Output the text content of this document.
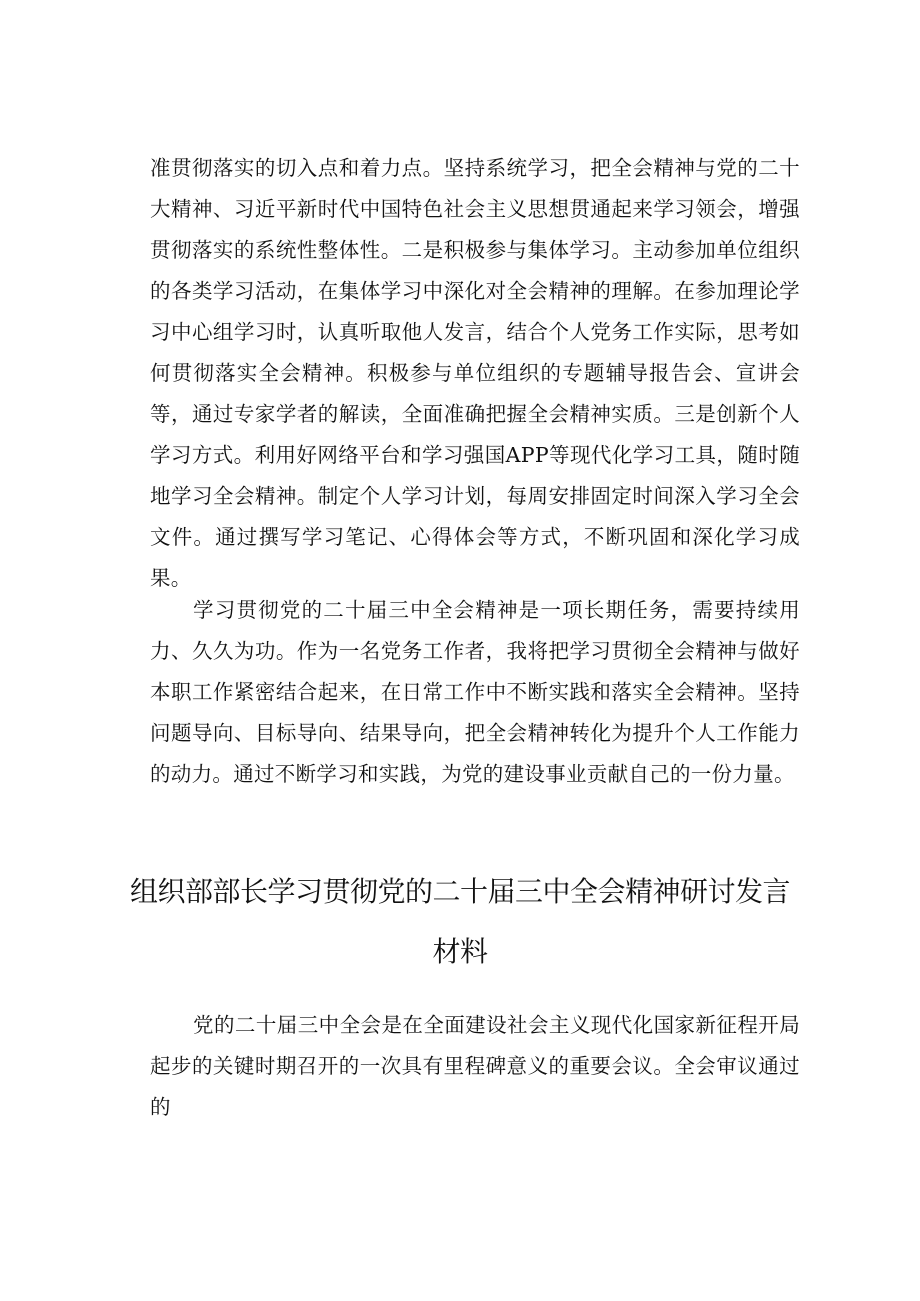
准贯彻落实的切入点和着力点。坚持系统学习，把全会精神与党的二十大精神、习近平新时代中国特色社会主义思想贯通起来学习领会，增强贯彻落实的系统性整体性。二是积极参与集体学习。主动参加单位组织的各类学习活动，在集体学习中深化对全会精神的理解。在参加理论学习中心组学习时，认真听取他人发言，结合个人党务工作实际，思考如何贯彻落实全会精神。积极参与单位组织的专题辅导报告会、宣讲会等，通过专家学者的解读，全面准确把握全会精神实质。三是创新个人学习方式。利用好网络平台和学习强国APP等现代化学习工具，随时随地学习全会精神。制定个人学习计划，每周安排固定时间深入学习全会文件。通过撰写学习笔记、心得体会等方式，不断巩固和深化学习成果。

学习贯彻党的二十届三中全会精神是一项长期任务，需要持续用力、久久为功。作为一名党务工作者，我将把学习贯彻全会精神与做好本职工作紧密结合起来，在日常工作中不断实践和落实全会精神。坚持问题导向、目标导向、结果导向，把全会精神转化为提升个人工作能力的动力。通过不断学习和实践，为党的建设事业贡献自己的一份力量。

组织部部长学习贯彻党的二十届三中全会精神研讨发言材料

党的二十届三中全会是在全面建设社会主义现代化国家新征程开局起步的关键时期召开的一次具有里程碑意义的重要会议。全会审议通过的
